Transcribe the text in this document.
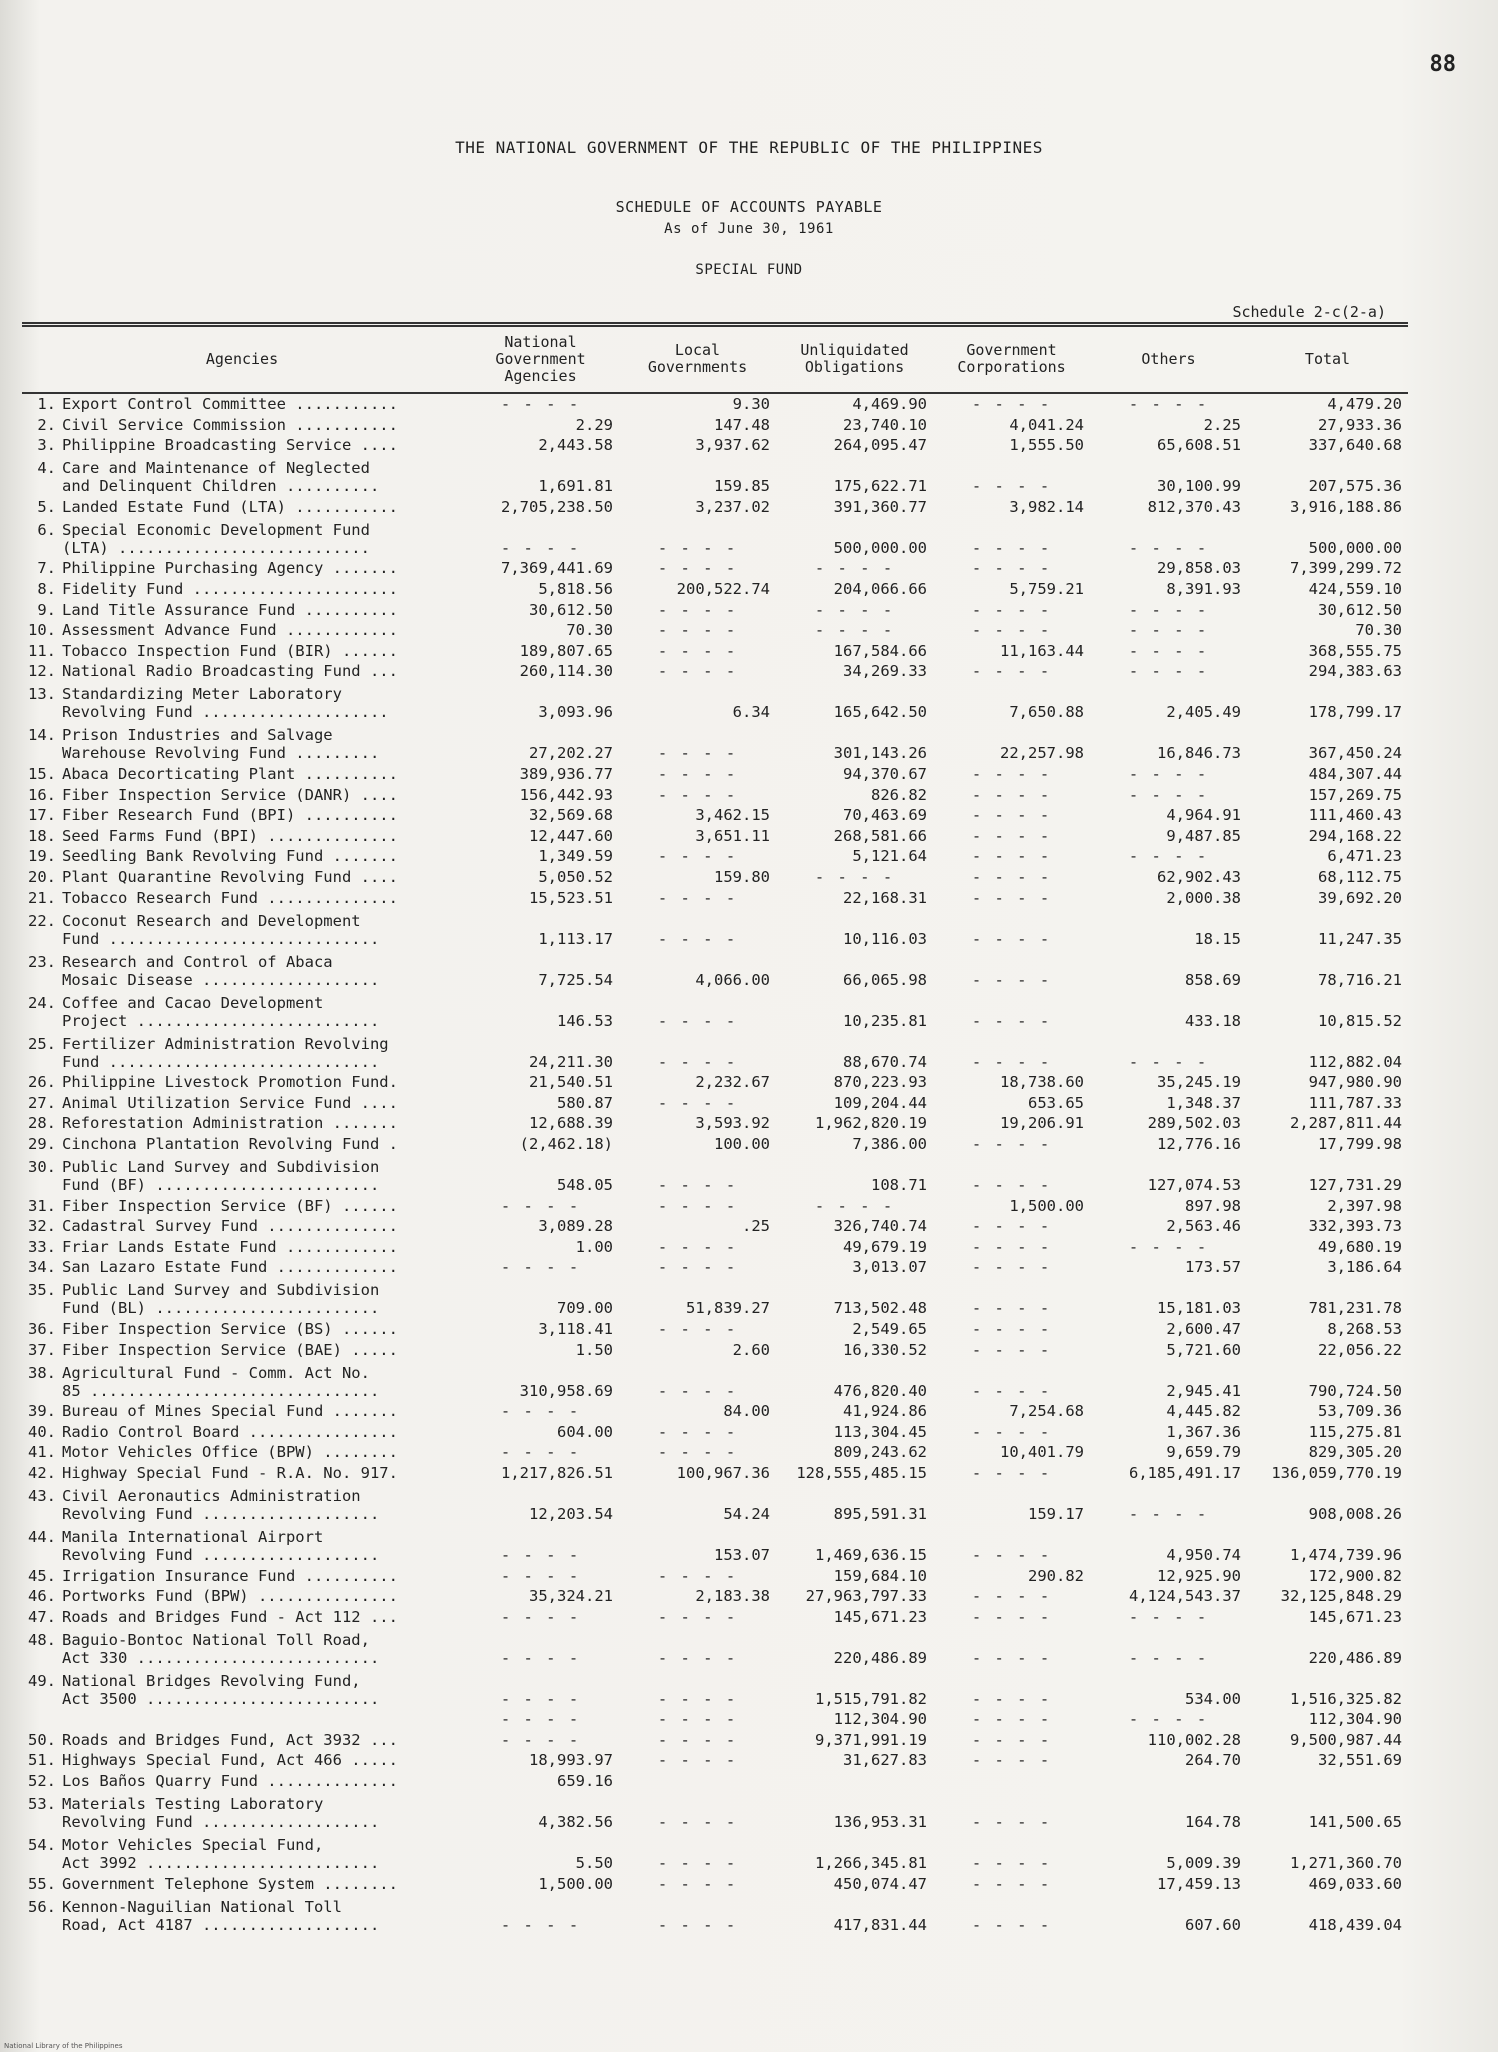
88
THE NATIONAL GOVERNMENT OF THE REPUBLIC OF THE PHILIPPINES
SCHEDULE OF ACCOUNTS PAYABLE
As of June 30, 1961
SPECIAL FUND
Schedule 2-c(2-a)
Agencies	National Government Agencies	Local Governments	Unliquidated Obligations	Government Corporations	Others	Total
1. Export Control Committee ...........	- - - -	9.30	4,469.90	- - - -	- - - -	4,479.20
2. Civil Service Commission ...........	2.29	147.48	23,740.10	4,041.24	2.25	27,933.36
3. Philippine Broadcasting Service ....	2,443.58	3,937.62	264,095.47	1,555.50	65,608.51	337,640.68

4. Care and Maintenance of Neglected
and Delinquent Children ..........	1,691.81	159.85	175,622.71	- - - -	30,100.99	207,575.36
5. Landed Estate Fund (LTA) ...........	2,705,238.50	3,237.02	391,360.77	3,982.14	812,370.43	3,916,188.86

6. Special Economic Development Fund
(LTA) ...........................	- - - -	- - - -	500,000.00	- - - -	- - - -	500,000.00
7. Philippine Purchasing Agency .......	7,369,441.69	- - - -	- - - -	- - - -	29,858.03	7,399,299.72
8. Fidelity Fund ......................	5,818.56	200,522.74	204,066.66	5,759.21	8,391.93	424,559.10
9. Land Title Assurance Fund ..........	30,612.50	- - - -	- - - -	- - - -	- - - -	30,612.50
10. Assessment Advance Fund ............	70.30	- - - -	- - - -	- - - -	- - - -	70.30
11. Tobacco Inspection Fund (BIR) ......	189,807.65	- - - -	167,584.66	11,163.44	- - - -	368,555.75
12. National Radio Broadcasting Fund ...	260,114.30	- - - -	34,269.33	- - - -	- - - -	294,383.63

13. Standardizing Meter Laboratory
Revolving Fund ....................	3,093.96	6.34	165,642.50	7,650.88	2,405.49	178,799.17

14. Prison Industries and Salvage
Warehouse Revolving Fund .........	27,202.27	- - - -	301,143.26	22,257.98	16,846.73	367,450.24
15. Abaca Decorticating Plant ..........	389,936.77	- - - -	94,370.67	- - - -	- - - -	484,307.44
16. Fiber Inspection Service (DANR) ....	156,442.93	- - - -	826.82	- - - -	- - - -	157,269.75
17. Fiber Research Fund (BPI) ..........	32,569.68	3,462.15	70,463.69	- - - -	4,964.91	111,460.43
18. Seed Farms Fund (BPI) ..............	12,447.60	3,651.11	268,581.66	- - - -	9,487.85	294,168.22
19. Seedling Bank Revolving Fund .......	1,349.59	- - - -	5,121.64	- - - -	- - - -	6,471.23
20. Plant Quarantine Revolving Fund ....	5,050.52	159.80	- - - -	- - - -	62,902.43	68,112.75
21. Tobacco Research Fund ..............	15,523.51	- - - -	22,168.31	- - - -	2,000.38	39,692.20

22. Coconut Research and Development
Fund .............................	1,113.17	- - - -	10,116.03	- - - -	18.15	11,247.35

23. Research and Control of Abaca
Mosaic Disease ...................	7,725.54	4,066.00	66,065.98	- - - -	858.69	78,716.21

24. Coffee and Cacao Development
Project ..........................	146.53	- - - -	10,235.81	- - - -	433.18	10,815.52

25. Fertilizer Administration Revolving
Fund .............................	24,211.30	- - - -	88,670.74	- - - -	- - - -	112,882.04
26. Philippine Livestock Promotion Fund.	21,540.51	2,232.67	870,223.93	18,738.60	35,245.19	947,980.90
27. Animal Utilization Service Fund ....	580.87	- - - -	109,204.44	653.65	1,348.37	111,787.33
28. Reforestation Administration .......	12,688.39	3,593.92	1,962,820.19	19,206.91	289,502.03	2,287,811.44
29. Cinchona Plantation Revolving Fund .	(2,462.18)	100.00	7,386.00	- - - -	12,776.16	17,799.98

30. Public Land Survey and Subdivision
Fund (BF) ........................	548.05	- - - -	108.71	- - - -	127,074.53	127,731.29
31. Fiber Inspection Service (BF) ......	- - - -	- - - -	- - - -	1,500.00	897.98	2,397.98
32. Cadastral Survey Fund ..............	3,089.28	.25	326,740.74	- - - -	2,563.46	332,393.73
33. Friar Lands Estate Fund ............	1.00	- - - -	49,679.19	- - - -	- - - -	49,680.19
34. San Lazaro Estate Fund .............	- - - -	- - - -	3,013.07	- - - -	173.57	3,186.64

35. Public Land Survey and Subdivision
Fund (BL) ........................	709.00	51,839.27	713,502.48	- - - -	15,181.03	781,231.78
36. Fiber Inspection Service (BS) ......	3,118.41	- - - -	2,549.65	- - - -	2,600.47	8,268.53
37. Fiber Inspection Service (BAE) .....	1.50	2.60	16,330.52	- - - -	5,721.60	22,056.22

38. Agricultural Fund - Comm. Act No.
85 ...............................	310,958.69	- - - -	476,820.40	- - - -	2,945.41	790,724.50
39. Bureau of Mines Special Fund .......	- - - -	84.00	41,924.86	7,254.68	4,445.82	53,709.36
40. Radio Control Board ................	604.00	- - - -	113,304.45	- - - -	1,367.36	115,275.81
41. Motor Vehicles Office (BPW) ........	- - - -	- - - -	809,243.62	10,401.79	9,659.79	829,305.20
42. Highway Special Fund - R.A. No. 917.	1,217,826.51	100,967.36	128,555,485.15	- - - -	6,185,491.17	136,059,770.19

43. Civil Aeronautics Administration
Revolving Fund ...................	12,203.54	54.24	895,591.31	159.17	- - - -	908,008.26

44. Manila International Airport
Revolving Fund ...................	- - - -	153.07	1,469,636.15	- - - -	4,950.74	1,474,739.96
45. Irrigation Insurance Fund ..........	- - - -	- - - -	159,684.10	290.82	12,925.90	172,900.82
46. Portworks Fund (BPW) ...............	35,324.21	2,183.38	27,963,797.33	- - - -	4,124,543.37	32,125,848.29
47. Roads and Bridges Fund - Act 112 ...	- - - -	- - - -	145,671.23	- - - -	- - - -	145,671.23

48. Baguio-Bontoc National Toll Road,
Act 330 ..........................	- - - -	- - - -	220,486.89	- - - -	- - - -	220,486.89

49. National Bridges Revolving Fund,
Act 3500 .........................	- - - -	- - - -	1,515,791.82	- - - -	534.00	1,516,325.82
	- - - -	- - - -	112,304.90	- - - -	- - - -	112,304.90
50. Roads and Bridges Fund, Act 3932 ...	- - - -	- - - -	9,371,991.19	- - - -	110,002.28	9,500,987.44
51. Highways Special Fund, Act 466 .....	18,993.97	- - - -	31,627.83	- - - -	264.70	32,551.69
52. Los Baños Quarry Fund ..............	659.16					

53. Materials Testing Laboratory
Revolving Fund ...................	4,382.56	- - - -	136,953.31	- - - -	164.78	141,500.65

54. Motor Vehicles Special Fund,
Act 3992 .........................	5.50	- - - -	1,266,345.81	- - - -	5,009.39	1,271,360.70
55. Government Telephone System ........	1,500.00	- - - -	450,074.47	- - - -	17,459.13	469,033.60

56. Kennon-Naguilian National Toll
Road, Act 4187 ...................	- - - -	- - - -	417,831.44	- - - -	607.60	418,439.04
National Library of the Philippines
